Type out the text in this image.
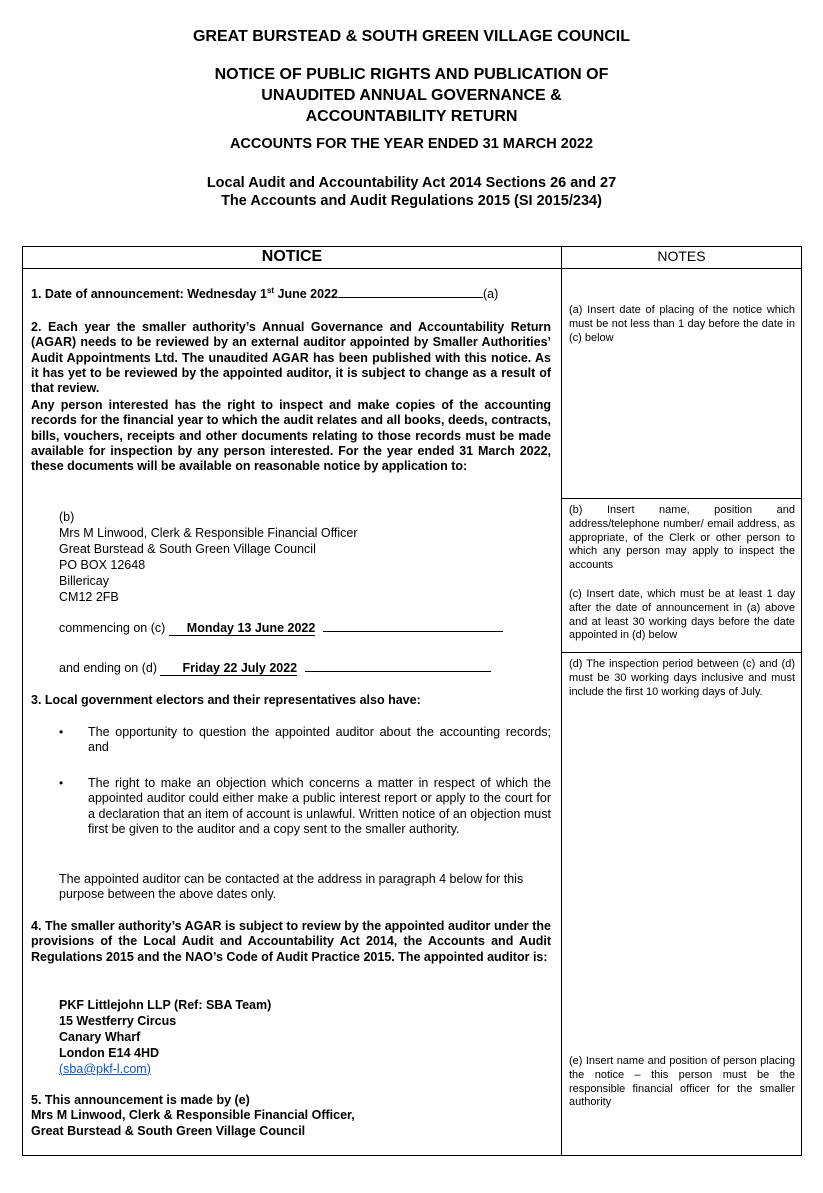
GREAT BURSTEAD & SOUTH GREEN VILLAGE COUNCIL
NOTICE OF PUBLIC RIGHTS AND PUBLICATION OF
UNAUDITED ANNUAL GOVERNANCE &
ACCOUNTABILITY RETURN
ACCOUNTS FOR THE YEAR ENDED 31 MARCH 2022
Local Audit and Accountability Act 2014 Sections 26 and 27
The Accounts and Audit Regulations 2015 (SI 2015/234)
NOTICE	NOTES
1. Date of announcement: Wednesday 1st June 2022	(a)
2. Each year the smaller authority’s Annual Governance and Accountability Return (AGAR) needs to be reviewed by an external auditor appointed by Smaller Authorities’ Audit Appointments Ltd. The unaudited AGAR has been published with this notice. As it has yet to be reviewed by the appointed auditor, it is subject to change as a result of that review.
Any person interested has the right to inspect and make copies of the accounting records for the financial year to which the audit relates and all books, deeds, contracts, bills, vouchers, receipts and other documents relating to those records must be made available for inspection by any person interested. For the year ended 31 March 2022, these documents will be available on reasonable notice by application to:
(b)
Mrs M Linwood, Clerk & Responsible Financial Officer
Great Burstead & South Green Village Council
PO BOX 12648
Billericay
CM12 2FB
commencing on (c) Monday 13 June 2022
and ending on (d) Friday 22 July 2022
3. Local government electors and their representatives also have:
• The opportunity to question the appointed auditor about the accounting records; and
• The right to make an objection which concerns a matter in respect of which the appointed auditor could either make a public interest report or apply to the court for a declaration that an item of account is unlawful. Written notice of an objection must first be given to the auditor and a copy sent to the smaller authority.
The appointed auditor can be contacted at the address in paragraph 4 below for this purpose between the above dates only.
4. The smaller authority’s AGAR is subject to review by the appointed auditor under the provisions of the Local Audit and Accountability Act 2014, the Accounts and Audit Regulations 2015 and the NAO’s Code of Audit Practice 2015. The appointed auditor is:
PKF Littlejohn LLP (Ref: SBA Team)
15 Westferry Circus
Canary Wharf
London E14 4HD
(sba@pkf-l.com)
5. This announcement is made by (e)
Mrs M Linwood, Clerk & Responsible Financial Officer,
Great Burstead & South Green Village Council
(a) Insert date of placing of the notice which must be not less than 1 day before the date in (c) below
(b) Insert name, position and address/telephone number/ email address, as appropriate, of the Clerk or other person to which any person may apply to inspect the accounts
(c) Insert date, which must be at least 1 day after the date of announcement in (a) above and at least 30 working days before the date appointed in (d) below
(d) The inspection period between (c) and (d) must be 30 working days inclusive and must include the first 10 working days of July.
(e) Insert name and position of person placing the notice – this person must be the responsible financial officer for the smaller authority
